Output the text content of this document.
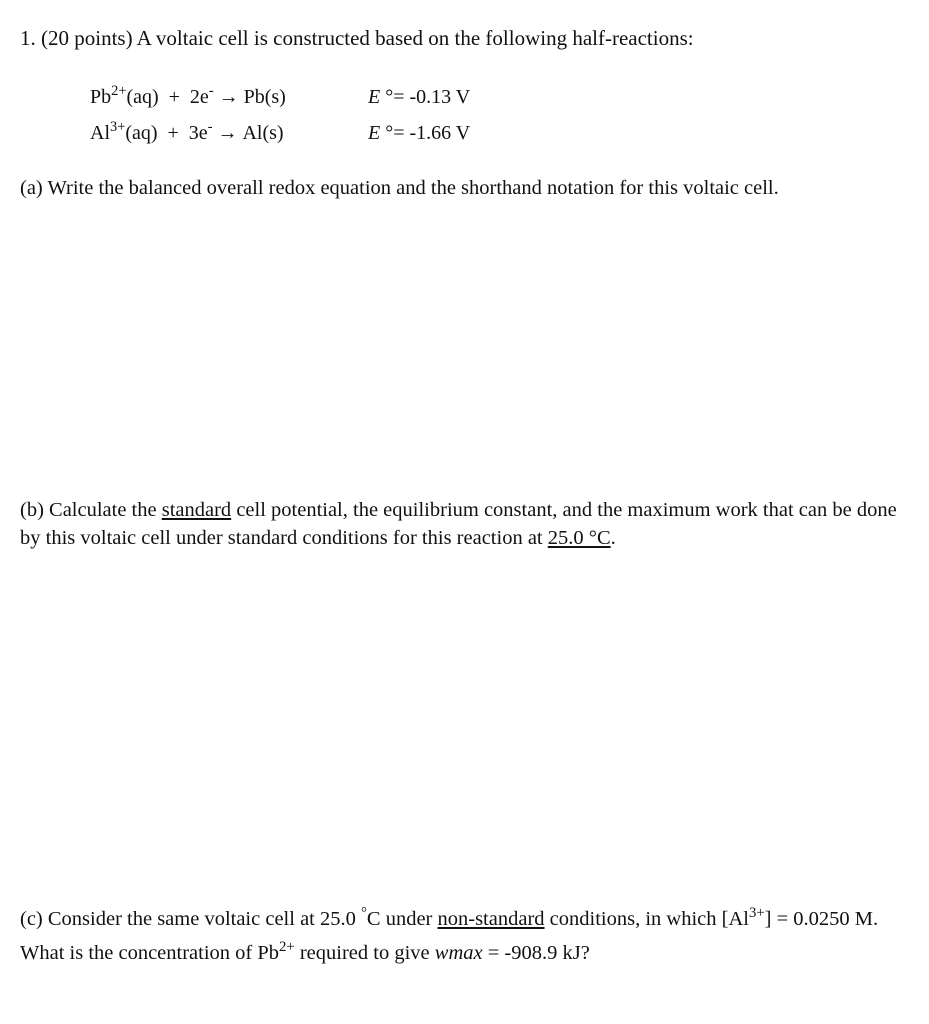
1. (20 points) A voltaic cell is constructed based on the following half-reactions:
$Pb^{2+}(aq) + 2e^- \to Pb(s)$	E °= -0.13 V
$Al^{3+}(aq) + 3e^- \to Al(s)$	E °= -1.66 V
(a) Write the balanced overall redox equation and the shorthand notation for this voltaic cell.
(b) Calculate the standard cell potential, the equilibrium constant, and the maximum work that can be done by this voltaic cell under standard conditions for this reaction at 25.0 °C.
(c) Consider the same voltaic cell at 25.0 °C under non-standard conditions, in which $[Al^{3+}] = 0.0250$ M. What is the concentration of $Pb^{2+}$ required to give wmax = -908.9 kJ?
